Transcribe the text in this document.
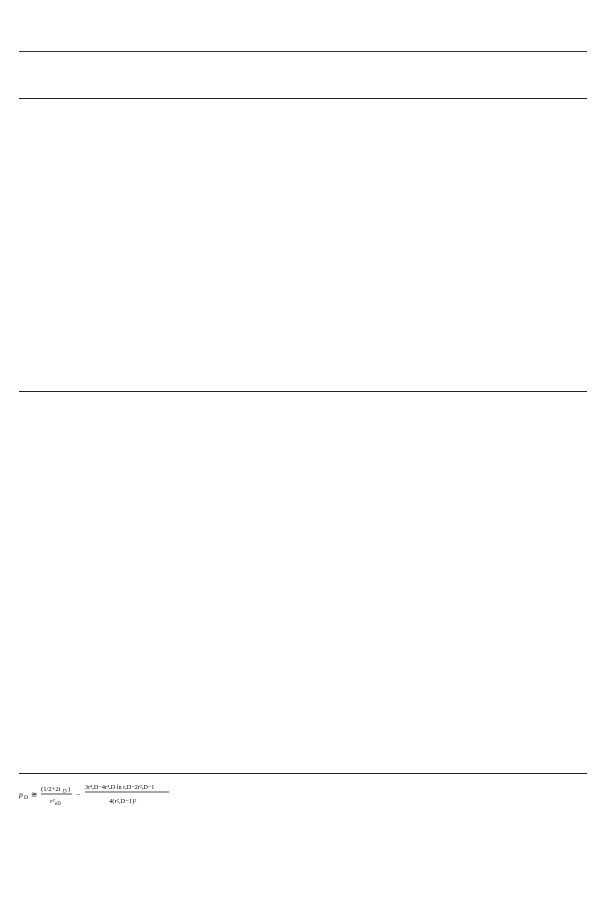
p D ≅
(1/2+2t D )
r² eD
−
3r⁴ₑD−4r⁴ₑD ln rₑD−2r²ₑD−1
4(r²ₑD−1)²
